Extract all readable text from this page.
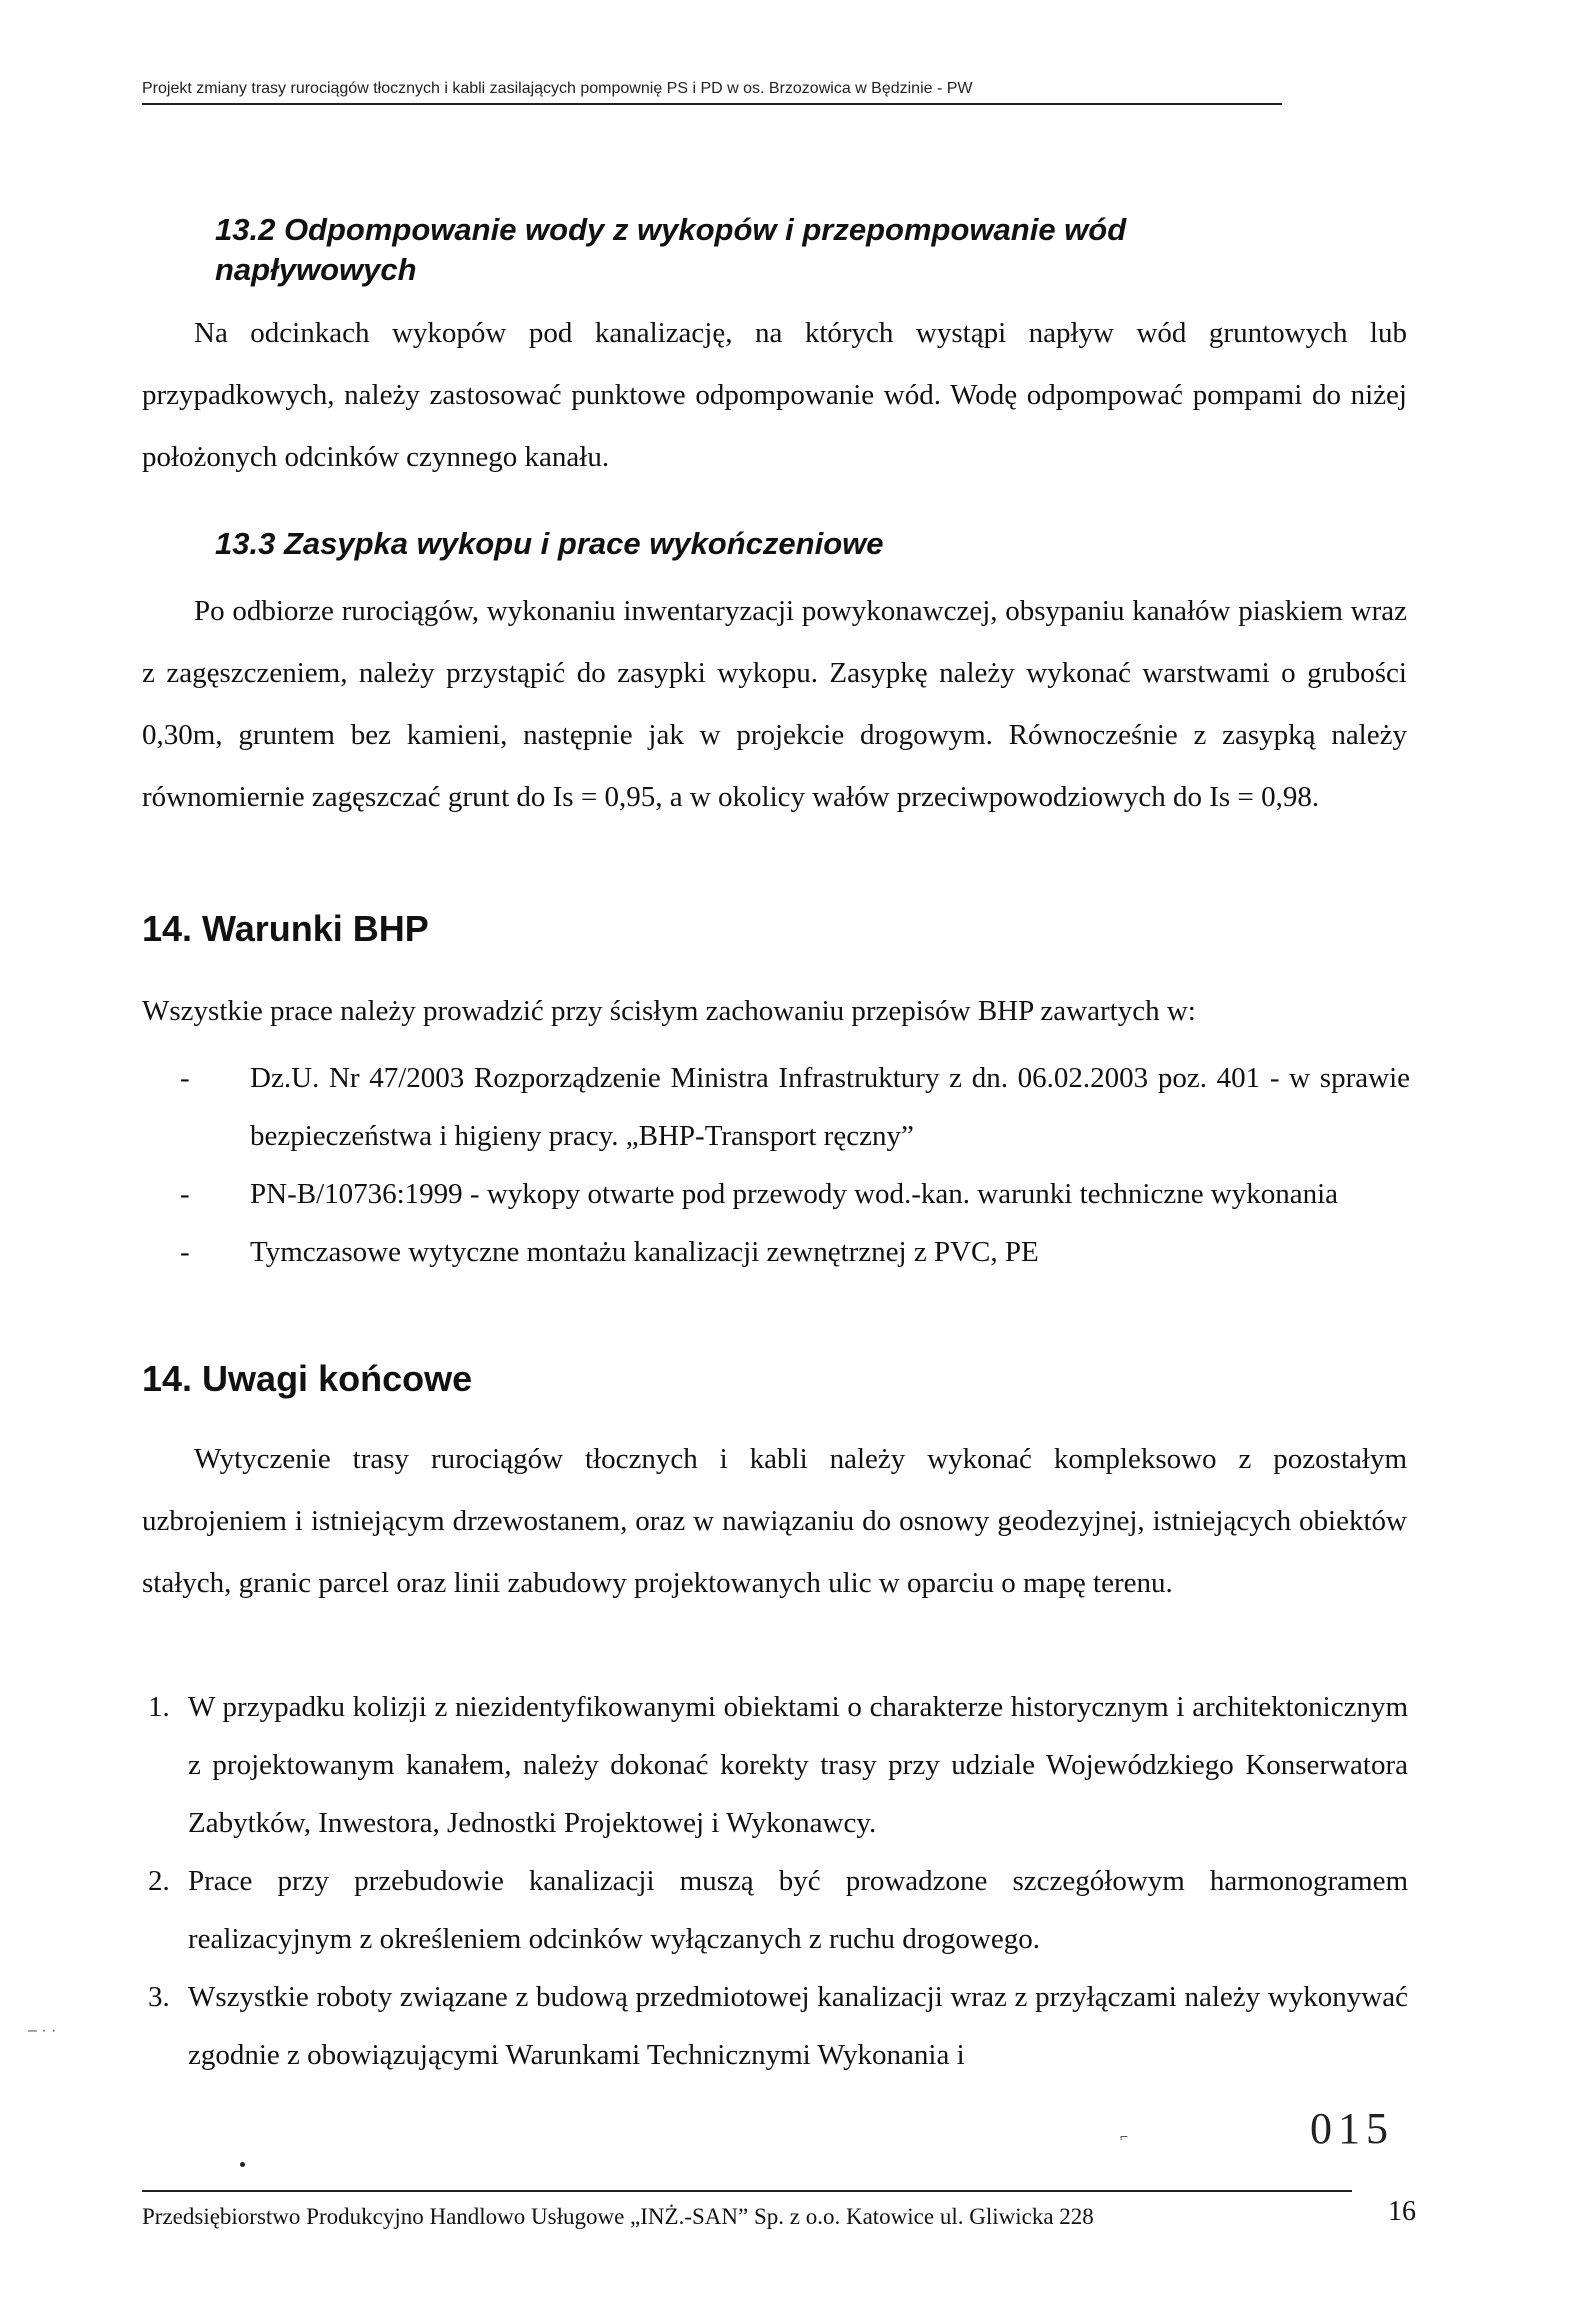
Projekt zmiany trasy rurociągów tłocznych i kabli zasilających pompownię PS i PD w os. Brzozowica w Będzinie - PW
13.2 Odpompowanie wody z wykopów i przepompowanie wód napływowych
Na odcinkach wykopów pod kanalizację, na których wystąpi napływ wód gruntowych lub przypadkowych, należy zastosować punktowe odpompowanie wód. Wodę odpompować pompami do niżej położonych odcinków czynnego kanału.
13.3 Zasypka wykopu i prace wykończeniowe
Po odbiorze rurociągów, wykonaniu inwentaryzacji powykonawczej, obsypaniu kanałów piaskiem wraz z zagęszczeniem, należy przystąpić do zasypki wykopu. Zasypkę należy wykonać warstwami o grubości 0,30m, gruntem bez kamieni, następnie jak w projekcie drogowym. Równocześnie z zasypką należy równomiernie zagęszczać grunt do Is = 0,95, a w okolicy wałów przeciwpowodziowych do Is = 0,98.
14. Warunki BHP
Wszystkie prace należy prowadzić przy ścisłym zachowaniu przepisów BHP zawartych w:
- Dz.U. Nr 47/2003 Rozporządzenie Ministra Infrastruktury z dn. 06.02.2003 poz. 401 - w sprawie bezpieczeństwa i higieny pracy. „BHP-Transport ręczny”
- PN-B/10736:1999 - wykopy otwarte pod przewody wod.-kan. warunki techniczne wykonania
- Tymczasowe wytyczne montażu kanalizacji zewnętrznej z PVC, PE
14. Uwagi końcowe
Wytyczenie trasy rurociągów tłocznych i kabli należy wykonać kompleksowo z pozostałym uzbrojeniem i istniejącym drzewostanem, oraz w nawiązaniu do osnowy geodezyjnej, istniejących obiektów stałych, granic parcel oraz linii zabudowy projektowanych ulic w oparciu o mapę terenu.
1. W przypadku kolizji z niezidentyfikowanymi obiektami o charakterze historycznym i architektonicznym z projektowanym kanałem, należy dokonać korekty trasy przy udziale Wojewódzkiego Konserwatora Zabytków, Inwestora, Jednostki Projektowej i Wykonawcy.
2. Prace przy przebudowie kanalizacji muszą być prowadzone szczegółowym harmonogramem realizacyjnym z określeniem odcinków wyłączanych z ruchu drogowego.
3. Wszystkie roboty związane z budową przedmiotowej kanalizacji wraz z przyłączami należy wykonywać zgodnie z obowiązującymi Warunkami Technicznymi Wykonania i
– · ·
⌐	015
Przedsiębiorstwo Produkcyjno Handlowo Usługowe „INŻ.-SAN” Sp. z o.o. Katowice ul. Gliwicka 228	16
